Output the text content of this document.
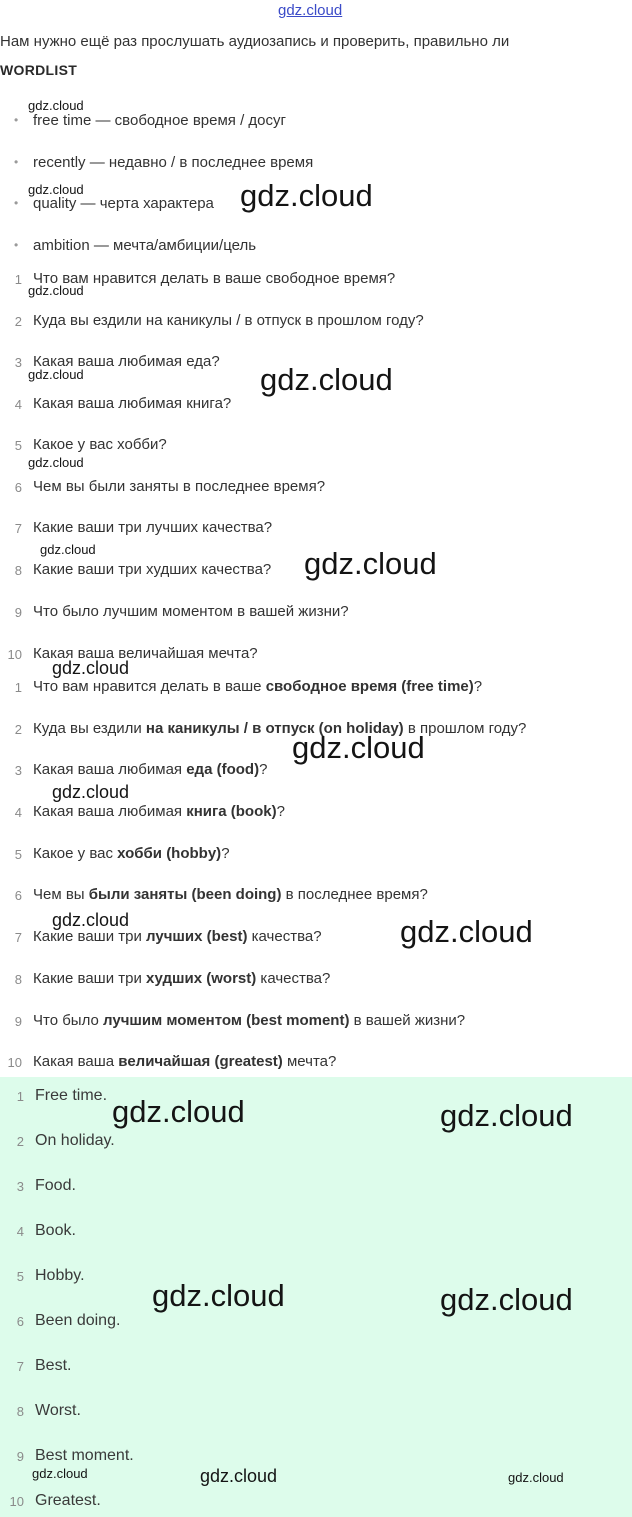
gdz.cloud
Нам нужно ещё раз прослушать аудиозапись и проверить, правильно ли
WORDLIST
• free time — свободное время / досуг
• recently — недавно / в последнее время
• quality — черта характера
• ambition — мечта/амбиции/цель
1 Что вам нравится делать в ваше свободное время?
2 Куда вы ездили на каникулы / в отпуск в прошлом году?
3 Какая ваша любимая еда?
4 Какая ваша любимая книга?
5 Какое у вас хобби?
6 Чем вы были заняты в последнее время?
7 Какие ваши три лучших качества?
8 Какие ваши три худших качества?
9 Что было лучшим моментом в вашей жизни?
10 Какая ваша величайшая мечта?
1 Что вам нравится делать в ваше свободное время (free time)?
2 Куда вы ездили на каникулы / в отпуск (on holiday) в прошлом году?
3 Какая ваша любимая еда (food)?
4 Какая ваша любимая книга (book)?
5 Какое у вас хобби (hobby)?
6 Чем вы были заняты (been doing) в последнее время?
7 Какие ваши три лучших (best) качества?
8 Какие ваши три худших (worst) качества?
9 Что было лучшим моментом (best moment) в вашей жизни?
10 Какая ваша величайшая (greatest) мечта?
1 Free time.
2 On holiday.
3 Food.
4 Book.
5 Hobby.
6 Been doing.
7 Best.
8 Worst.
9 Best moment.
10 Greatest.
gdz.cloud
gdz.cloud	gdz.cloud
gdz.cloud
gdz.cloud	gdz.cloud
gdz.cloud
gdz.cloud	gdz.cloud
gdz.cloud
gdz.cloud
gdz.cloud
gdz.cloud	gdz.cloud
gdz.cloud	gdz.cloud
gdz.cloud	gdz.cloud
gdz.cloud	gdz.cloud	gdz.cloud
